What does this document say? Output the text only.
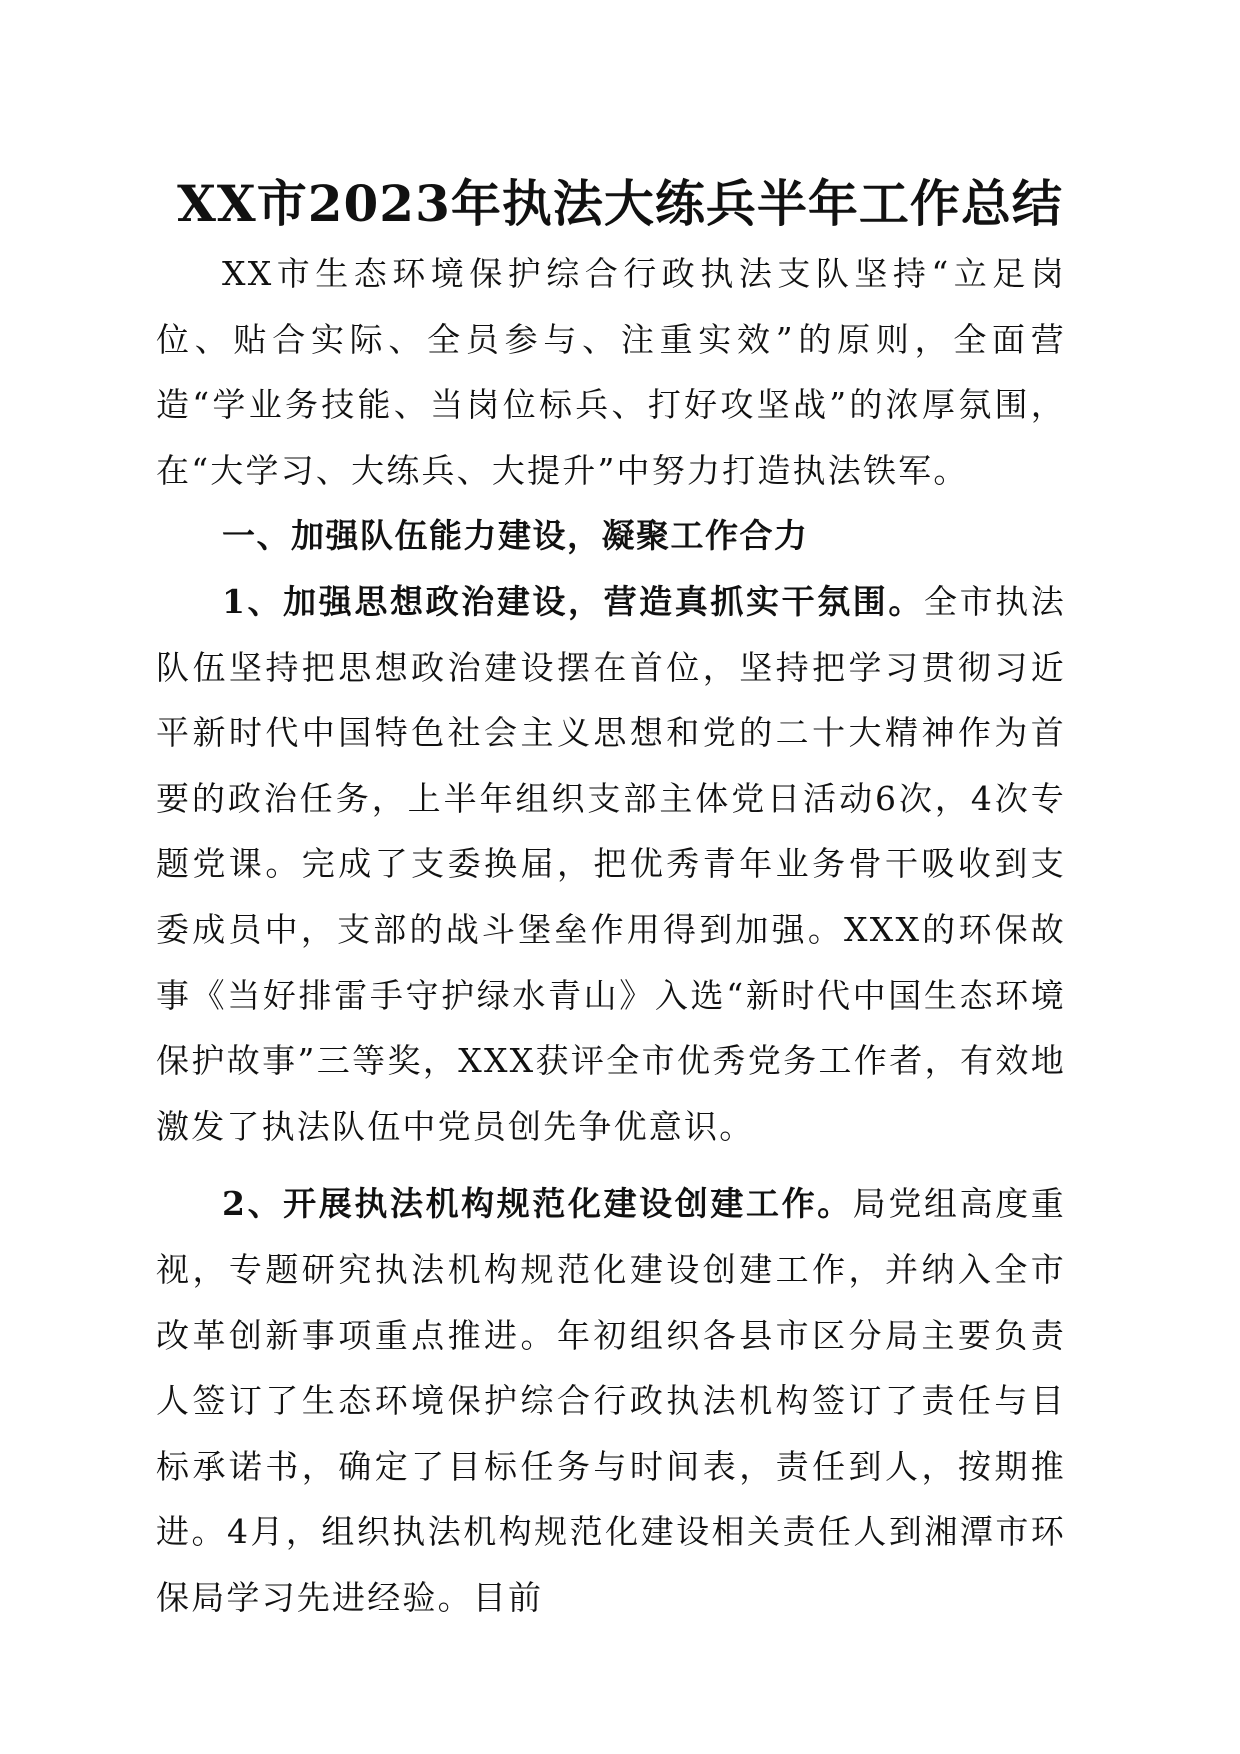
XX市2023年执法大练兵半年工作总结

XX市生态环境保护综合行政执法支队坚持“立足岗位、贴合实际、全员参与、注重实效”的原则，全面营造“学业务技能、当岗位标兵、打好攻坚战”的浓厚氛围，在“大学习、大练兵、大提升”中努力打造执法铁军。

一、加强队伍能力建设，凝聚工作合力

1、加强思想政治建设，营造真抓实干氛围。全市执法队伍坚持把思想政治建设摆在首位，坚持把学习贯彻习近平新时代中国特色社会主义思想和党的二十大精神作为首要的政治任务，上半年组织支部主体党日活动6次，4次专题党课。完成了支委换届，把优秀青年业务骨干吸收到支委成员中，支部的战斗堡垒作用得到加强。XXX的环保故事《当好排雷手守护绿水青山》入选“新时代中国生态环境保护故事”三等奖，XXX获评全市优秀党务工作者，有效地激发了执法队伍中党员创先争优意识。

2、开展执法机构规范化建设创建工作。局党组高度重视，专题研究执法机构规范化建设创建工作，并纳入全市改革创新事项重点推进。年初组织各县市区分局主要负责人签订了生态环境保护综合行政执法机构签订了责任与目标承诺书，确定了目标任务与时间表，责任到人，按期推进。4月，组织执法机构规范化建设相关责任人到湘潭市环保局学习先进经验。目前
